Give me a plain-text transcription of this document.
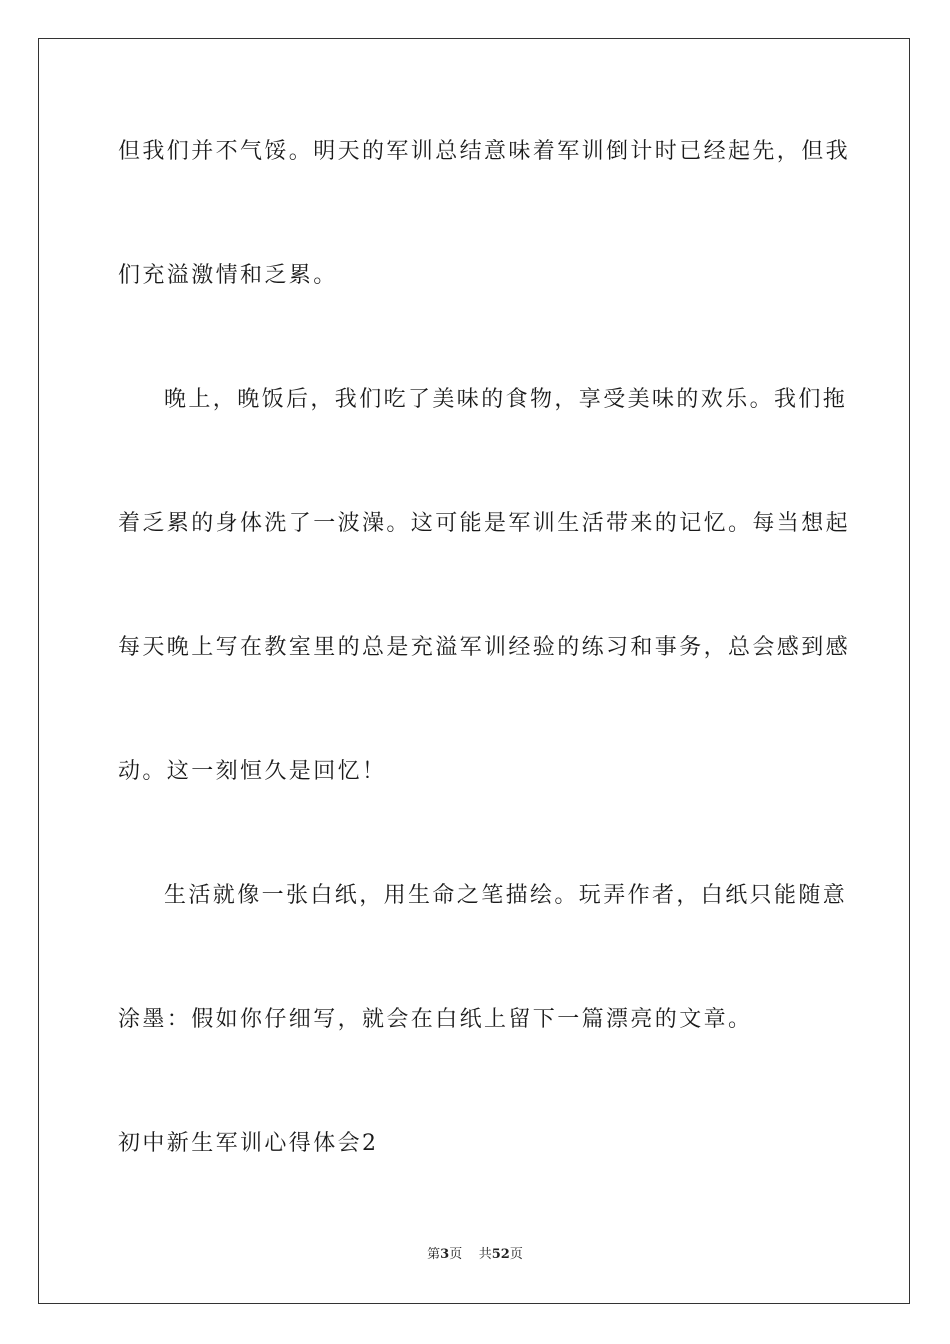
但我们并不气馁。明天的军训总结意味着军训倒计时已经起先，但我
们充溢激情和乏累。
晚上，晚饭后，我们吃了美味的食物，享受美味的欢乐。我们拖
着乏累的身体洗了一波澡。这可能是军训生活带来的记忆。每当想起
每天晚上写在教室里的总是充溢军训经验的练习和事务，总会感到感
动。这一刻恒久是回忆！
生活就像一张白纸，用生命之笔描绘。玩弄作者，白纸只能随意
涂墨：假如你仔细写，就会在白纸上留下一篇漂亮的文章。
初中新生军训心得体会2
第3页 共52页
